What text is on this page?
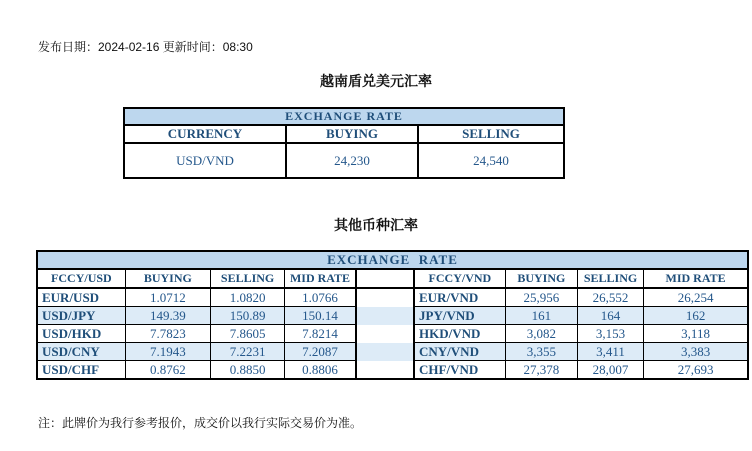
发布日期：2024-02-16 更新时间：08:30
越南盾兑美元汇率
EXCHANGE RATE		
CURRENCY	BUYING	SELLING
USD/VND	24,230	24,540
其他币种汇率
EXCHANGE  RATE								
FCCY/USD	BUYING	SELLING	MID RATE		FCCY/VND	BUYING	SELLING	MID RATE
EUR/USD	1.0712	1.0820	1.0766		EUR/VND	25,956	26,552	26,254
USD/JPY	149.39	150.89	150.14		JPY/VND	161	164	162
USD/HKD	7.7823	7.8605	7.8214		HKD/VND	3,082	3,153	3,118
USD/CNY	7.1943	7.2231	7.2087		CNY/VND	3,355	3,411	3,383
USD/CHF	0.8762	0.8850	0.8806		CHF/VND	27,378	28,007	27,693
注：此牌价为我行参考报价，成交价以我行实际交易价为准。
